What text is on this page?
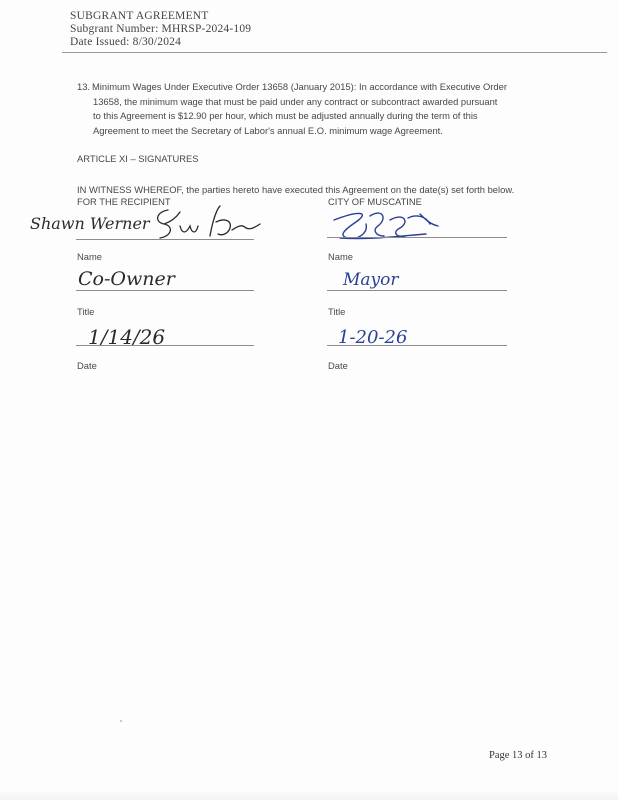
SUBGRANT AGREEMENT
Subgrant Number: MHRSP-2024-109
Date Issued: 8/30/2024
13. Minimum Wages Under Executive Order 13658 (January 2015): In accordance with Executive Order
13658, the minimum wage that must be paid under any contract or subcontract awarded pursuant
to this Agreement is $12.90 per hour, which must be adjusted annually during the term of this
Agreement to meet the Secretary of Labor's annual E.O. minimum wage Agreement.
ARTICLE XI – SIGNATURES
IN WITNESS WHEREOF, the parties hereto have executed this Agreement on the date(s) set forth below.
FOR THE RECIPIENT	CITY OF MUSCATINE
Shawn Werner
Name	Name
Co-Owner
Title
Mayor
Title
1/14/26
Date
1-20-26
Date
Page 13 of 13
